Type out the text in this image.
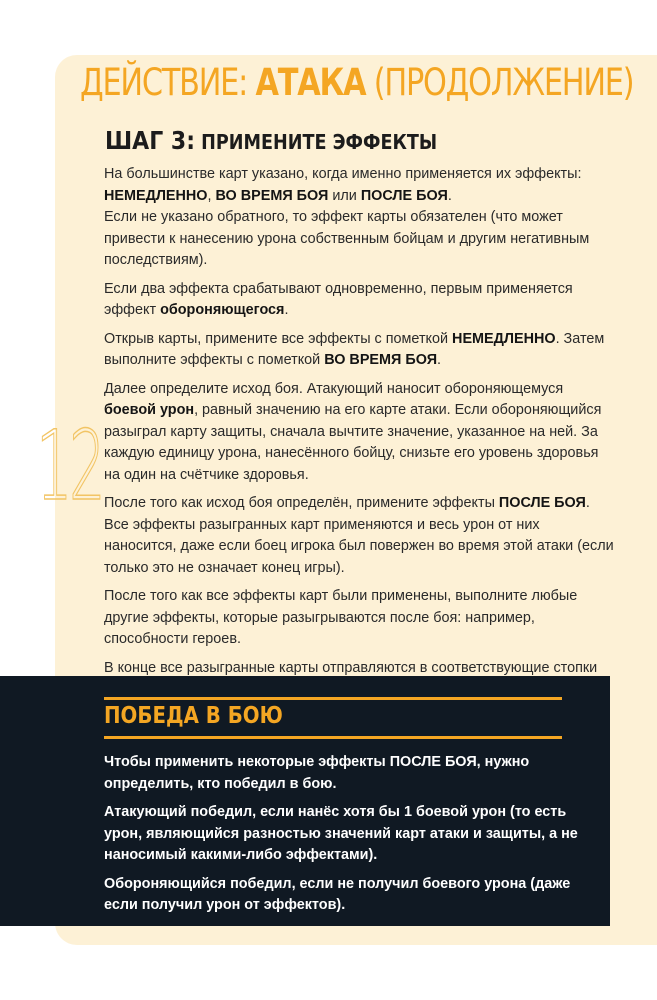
ДЕЙСТВИЕ: АТАКА (ПРОДОЛЖЕНИЕ)
ШАГ 3: ПРИМЕНИТЕ ЭФФЕКТЫ
12

На большинстве карт указано, когда именно применяется их эффекты: НЕМЕДЛЕННО, ВО ВРЕМЯ БОЯ или ПОСЛЕ БОЯ.
Если не указано обратного, то эффект карты обязателен (что может привести к нанесению урона собственным бойцам и другим негативным последствиям).

Если два эффекта срабатывают одновременно, первым применяется эффект обороняющегося.

Открыв карты, примените все эффекты с пометкой НЕМЕДЛЕННО. Затем выполните эффекты с пометкой ВО ВРЕМЯ БОЯ.

Далее определите исход боя. Атакующий наносит обороняющемуся боевой урон, равный значению на его карте атаки. Если обороняющийся разыграл карту защиты, сначала вычтите значение, указанное на ней. За каждую единицу урона, нанесённого бойцу, снизьте его уровень здоровья на один на счётчике здоровья.

После того как исход боя определён, примените эффекты ПОСЛЕ БОЯ. Все эффекты разыгранных карт применяются и весь урон от них наносится, даже если боец игрока был повержен во время этой атаки (если только это не означает конец игры).

После того как все эффекты карт были применены, выполните любые другие эффекты, которые разыгрываются после боя: например, способности героев.

В конце все разыгранные карты отправляются в соответствующие стопки

ПОБЕДА В БОЮ

Чтобы применить некоторые эффекты ПОСЛЕ БОЯ, нужно определить, кто победил в бою.

Атакующий победил, если нанёс хотя бы 1 боевой урон (то есть урон, являющийся разностью значений карт атаки и защиты, а не наносимый какими-либо эффектами).

Обороняющийся победил, если не получил боевого урона (даже если получил урон от эффектов).
